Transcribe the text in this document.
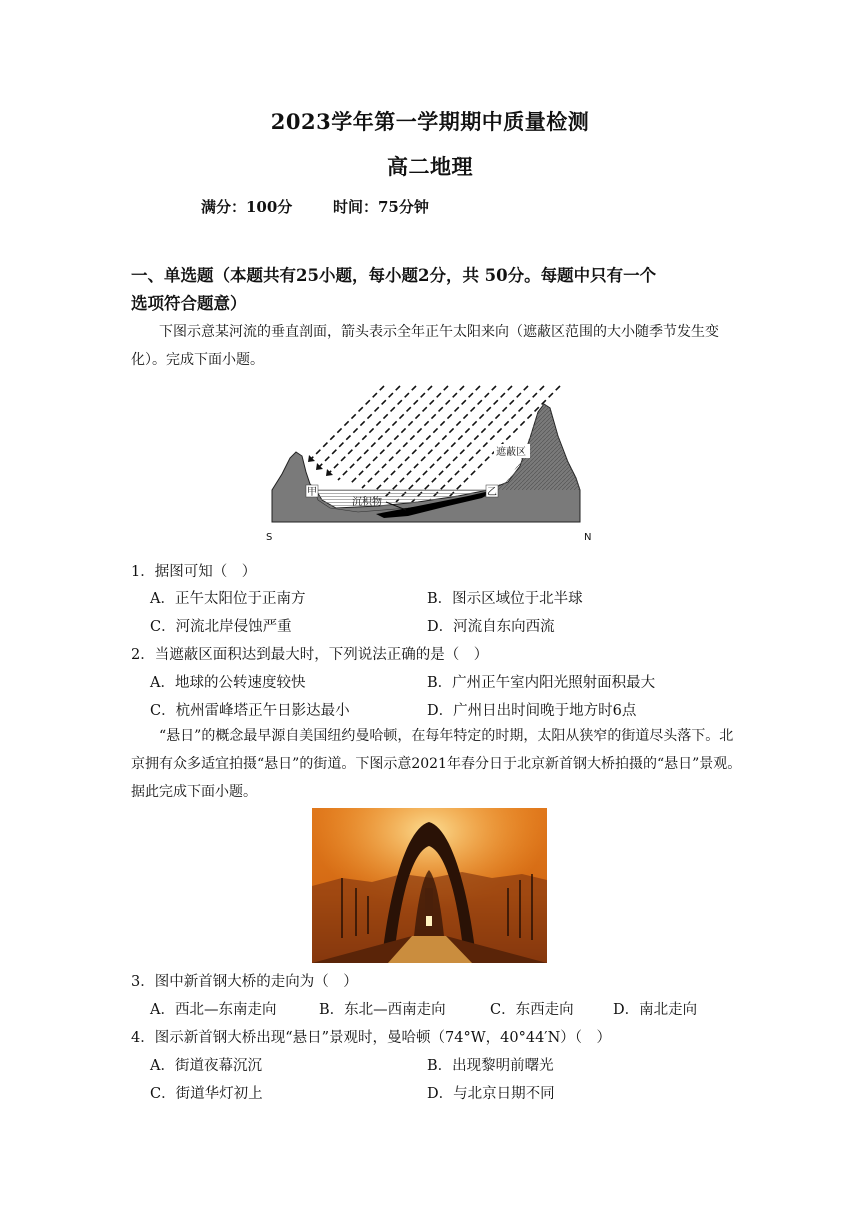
2023学年第一学期期中质量检测
高二地理
满分：100分	时间：75分钟
一、单选题（本题共有25小题，每小题2分，共 50分。每题中只有一个
选项符合题意）
下图示意某河流的垂直剖面，箭头表示全年正午太阳来向（遮蔽区范围的大小随季节发生变化）。完成下面小题。
遮蔽区
沉积物
甲	乙
S	N
1．据图可知（　）
A．正午太阳位于正南方	B．图示区域位于北半球
C．河流北岸侵蚀严重	D．河流自东向西流
2．当遮蔽区面积达到最大时，下列说法正确的是（　）
A．地球的公转速度较快	B．广州正午室内阳光照射面积最大
C．杭州雷峰塔正午日影达最小	D．广州日出时间晚于地方时6点
“悬日”的概念最早源自美国纽约曼哈顿，在每年特定的时期，太阳从狭窄的街道尽头落下。北京拥有众多适宜拍摄“悬日”的街道。下图示意2021年春分日于北京新首钢大桥拍摄的“悬日”景观。据此完成下面小题。
3．图中新首钢大桥的走向为（　）
A．西北—东南走向	B．东北—西南走向	C．东西走向	D．南北走向
4．图示新首钢大桥出现“悬日”景观时，曼哈顿（74°W，40°44′N）（　）
A．街道夜幕沉沉	B．出现黎明前曙光
C．街道华灯初上	D．与北京日期不同
